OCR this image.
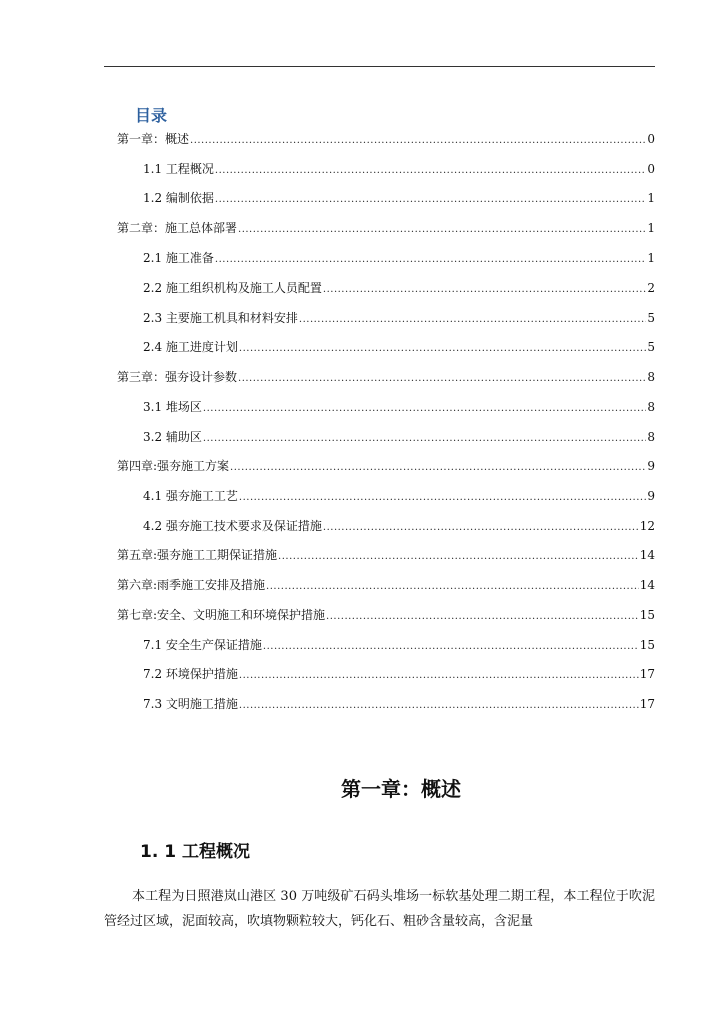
目录
第一章：概述 .....	0
1.1 工程概况 .....	0
1.2 编制依据 .....	1
第二章：施工总体部署 .....	1
2.1 施工准备 .....	1
2.2 施工组织机构及施工人员配置 .....	2
2.3 主要施工机具和材料安排 .....	5
2.4 施工进度计划 .....	5
第三章：强夯设计参数 .....	8
3.1 堆场区 .....	8
3.2 辅助区 .....	8
第四章:强夯施工方案 .....	9
4.1 强夯施工工艺 .....	9
4.2 强夯施工技术要求及保证措施 .....	12
第五章:强夯施工工期保证措施 .....	14
第六章:雨季施工安排及措施 .....	14
第七章:安全、文明施工和环境保护措施 .....	15
7.1 安全生产保证措施 .....	15
7.2 环境保护措施 .....	17
7.3 文明施工措施 .....	17
第一章：概述
1. 1 工程概况

本工程为日照港岚山港区 30 万吨级矿石码头堆场一标软基处理二期工程，本工程位于吹泥管经过区域，泥面较高，吹填物颗粒较大，钙化石、粗砂含量较高，含泥量
